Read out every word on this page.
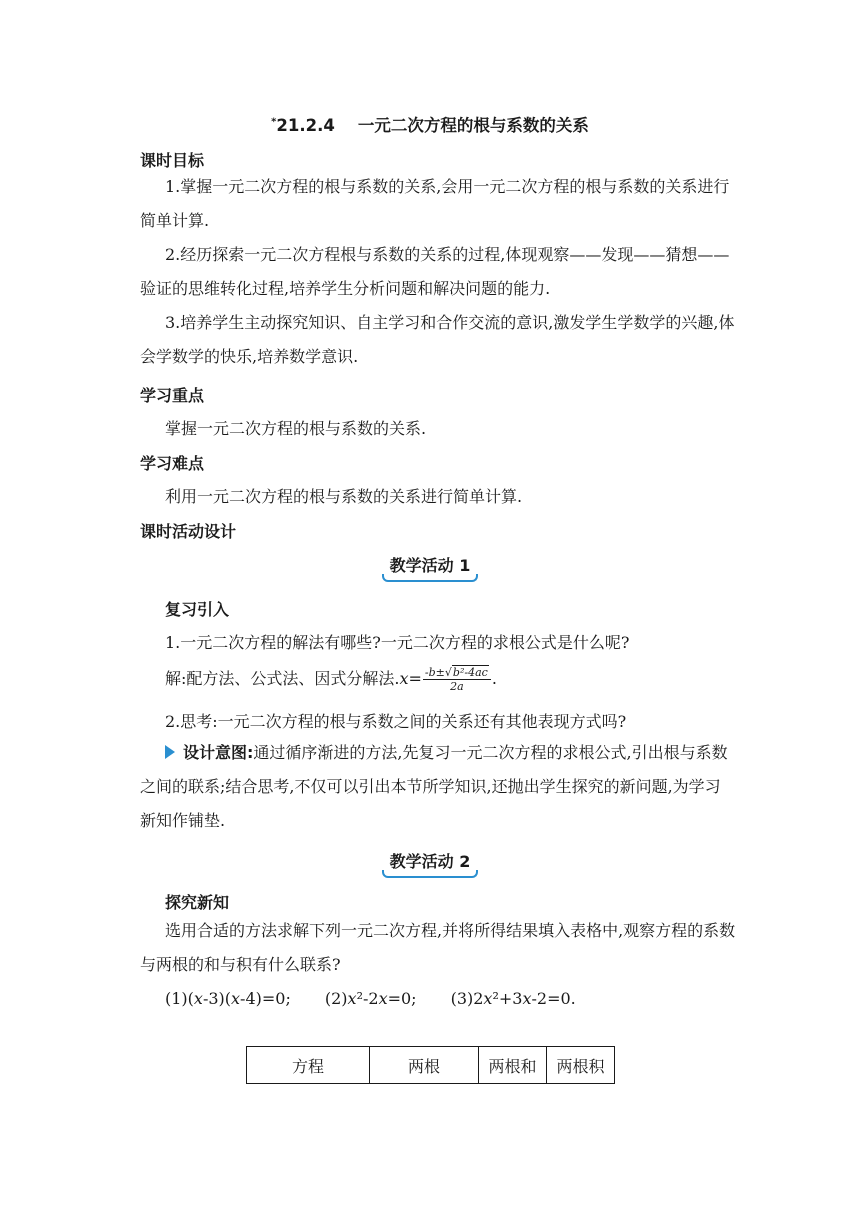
*21.2.4 一元二次方程的根与系数的关系
课时目标
1.掌握一元二次方程的根与系数的关系,会用一元二次方程的根与系数的关系进行简单计算.
2.经历探索一元二次方程根与系数的关系的过程,体现观察——发现——猜想——验证的思维转化过程,培养学生分析问题和解决问题的能力.
3.培养学生主动探究知识、自主学习和合作交流的意识,激发学生学数学的兴趣,体会学数学的快乐,培养数学意识.
学习重点
掌握一元二次方程的根与系数的关系.
学习难点
利用一元二次方程的根与系数的关系进行简单计算.
课时活动设计
教学活动 1
复习引入
1.一元二次方程的解法有哪些?一元二次方程的求根公式是什么呢?
解:配方法、公式法、因式分解法$.x= \frac{\text{-b±√b²-4ac}}{2a}$ .
2.思考:一元二次方程的根与系数之间的关系还有其他表现方式吗?
设计意图:通过循序渐进的方法,先复习一元二次方程的求根公式,引出根与系数之间的联系;结合思考,不仅可以引出本节所学知识,还抛出学生探究的新问题,为学习新知作铺垫.
教学活动 2
探究新知
选用合适的方法求解下列一元二次方程,并将所得结果填入表格中,观察方程的系数与两根的和与积有什么联系?
(1)(x-3)(x-4)=0; (2)x²-2x=0; (3)2x²+3x-2=0.
方程	两根	两根和	两根积
